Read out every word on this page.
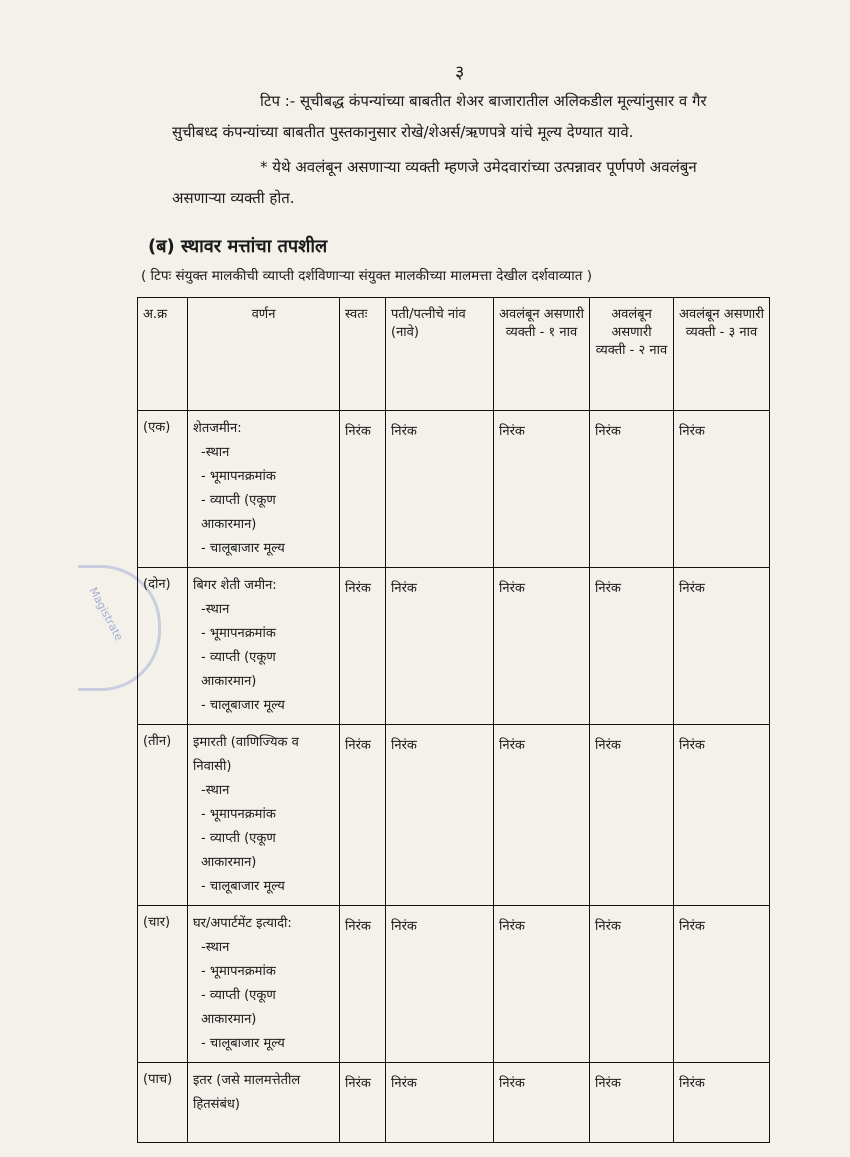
३
टिप :- सूचीबद्ध कंपन्यांच्या बाबतीत शेअर बाजारातील अलिकडील मूल्यांनुसार व गैर
सुचीबध्द कंपन्यांच्या बाबतीत पुस्तकानुसार रोखे/शेअर्स/ऋणपत्रे यांचे मूल्य देण्यात यावे.
* येथे अवलंबून असणाऱ्या व्यक्ती म्हणजे उमेदवारांच्या उत्पन्नावर पूर्णपणे अवलंबुन
असणाऱ्या व्यक्ती होत.
(ब) स्थावर मत्तांचा तपशील
( टिपः संयुक्त मालकीची व्याप्ती दर्शविणाऱ्या संयुक्त मालकीच्या मालमत्ता देखील दर्शवाव्यात )
Magistrate
अ.क्र	वर्णन	स्वतः	पती/पत्नीचे नांव (नावे)	अवलंबून असणारी व्यक्ती - १ नाव	अवलंबून असणारी व्यक्ती - २ नाव	अवलंबून असणारी व्यक्ती - ३ नाव
(एक)	शेतजमीन:
-स्थान
- भूमापनक्रमांक
- व्याप्ती (एकूण आकारमान)
- चालूबाजार मूल्य	निरंक	निरंक	निरंक	निरंक	निरंक

(दोन)	बिगर शेती जमीन:
-स्थान
- भूमापनक्रमांक
- व्याप्ती (एकूण आकारमान)
- चालूबाजार मूल्य	निरंक	निरंक	निरंक	निरंक	निरंक

(तीन)	इमारती (वाणिज्यिक व निवासी)
-स्थान
- भूमापनक्रमांक
- व्याप्ती (एकूण आकारमान)
- चालूबाजार मूल्य	निरंक	निरंक	निरंक	निरंक	निरंक

(चार)	घर/अपार्टमेंट इत्यादी:
-स्थान
- भूमापनक्रमांक
- व्याप्ती (एकूण आकारमान)
- चालूबाजार मूल्य	निरंक	निरंक	निरंक	निरंक	निरंक

(पाच)	इतर (जसे मालमत्तेतील
हितसंबंध)	निरंक	निरंक	निरंक	निरंक	निरंक
